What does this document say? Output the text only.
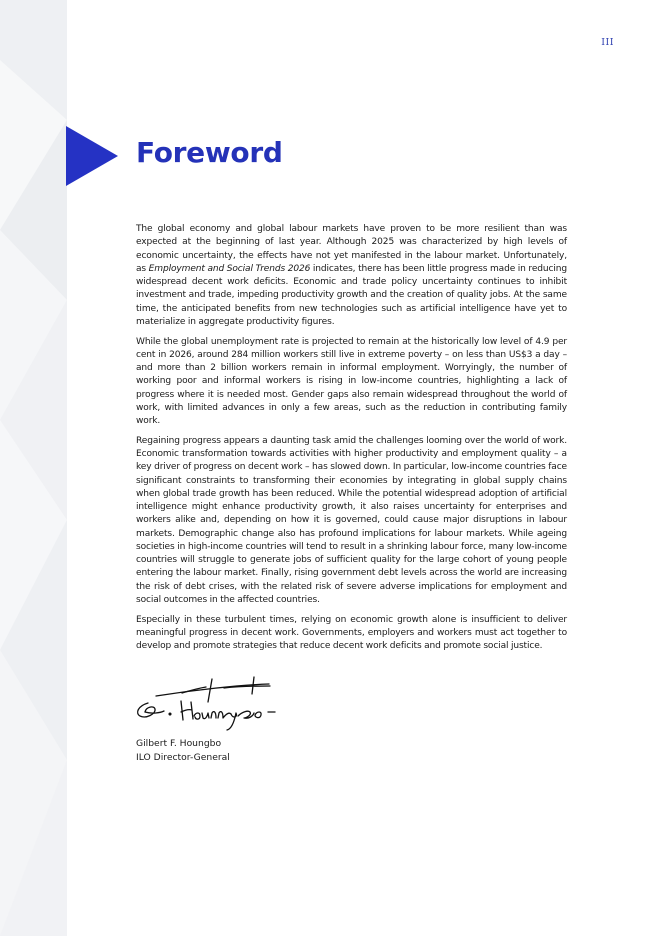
III
Foreword

The global economy and global labour markets have proven to be more resilient than was expected at the beginning of last year. Although 2025 was characterized by high levels of economic uncertainty, the effects have not yet manifested in the labour market. Unfortunately, as Employment and Social Trends 2026 indicates, there has been little progress made in reducing widespread decent work deficits. Economic and trade policy uncertainty continues to inhibit investment and trade, impeding productivity growth and the creation of quality jobs. At the same time, the anticipated benefits from new technologies such as artificial intelligence have yet to materialize in aggregate productivity figures.

While the global unemployment rate is projected to remain at the historically low level of 4.9 per cent in 2026, around 284 million workers still live in extreme poverty – on less than US$3 a day – and more than 2 billion workers remain in informal employment. Worryingly, the number of working poor and informal workers is rising in low-income countries, highlighting a lack of progress where it is needed most. Gender gaps also remain widespread throughout the world of work, with limited advances in only a few areas, such as the reduction in contributing family work.

Regaining progress appears a daunting task amid the challenges looming over the world of work. Economic transformation towards activities with higher productivity and employment quality – a key driver of progress on decent work – has slowed down. In particular, low-income countries face significant constraints to transforming their economies by integrating in global supply chains when global trade growth has been reduced. While the potential widespread adoption of artificial intelligence might enhance productivity growth, it also raises uncertainty for enterprises and workers alike and, depending on how it is governed, could cause major disruptions in labour markets. Demographic change also has profound implications for labour markets. While ageing societies in high-income countries will tend to result in a shrinking labour force, many low-income countries will struggle to generate jobs of sufficient quality for the large cohort of young people entering the labour market. Finally, rising government debt levels across the world are increasing the risk of debt crises, with the related risk of severe adverse implications for employment and social outcomes in the affected countries.

Especially in these turbulent times, relying on economic growth alone is insufficient to deliver meaningful progress in decent work. Governments, employers and workers must act together to develop and promote strategies that reduce decent work deficits and promote social justice.

Gilbert F. Houngbo
ILO Director-General
